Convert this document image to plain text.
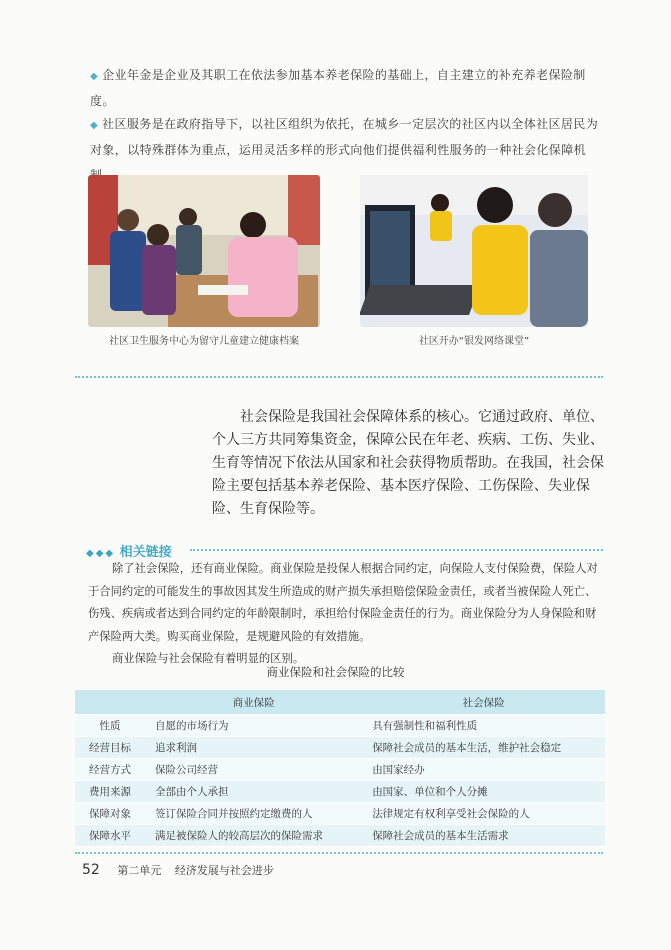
◆ 企业年金是企业及其职工在依法参加基本养老保险的基础上，自主建立的补充养老保险制度。
◆ 社区服务是在政府指导下，以社区组织为依托，在城乡一定层次的社区内以全体社区居民为对象，以特殊群体为重点，运用灵活多样的形式向他们提供福利性服务的一种社会化保障机
社区卫生服务中心为留守儿童建立健康档案	社区开办“银发网络课堂”
社会保险是我国社会保障体系的核心。它通过政府、单位、个人三方共同筹集资金，保障公民在年老、疾病、工伤、失业、生育等情况下依法从国家和社会获得物质帮助。在我国，社会保险主要包括基本养老保险、基本医疗保险、工伤保险、失业保险、生育保险等。
◆◆◆ 相关链接

除了社会保险，还有商业保险。商业保险是投保人根据合同约定，向保险人支付保险费，保险人对于合同约定的可能发生的事故因其发生所造成的财产损失承担赔偿保险金责任，或者当被保险人死亡、伤残、疾病或者达到合同约定的年龄限制时，承担给付保险金责任的行为。商业保险分为人身保险和财产保险两大类。购买商业保险，是规避风险的有效措施。

商业保险与社会保险有着明显的区别。

商业保险和社会保险的比较
	商业保险	社会保险
性质	自愿的市场行为	具有强制性和福利性质
经营目标	追求利润	保障社会成员的基本生活，维护社会稳定
经营方式	保险公司经营	由国家经办
费用来源	全部由个人承担	由国家、单位和个人分摊
保障对象	签订保险合同并按照约定缴费的人	法律规定有权利享受社会保险的人
保障水平	满足被保险人的较高层次的保险需求	保障社会成员的基本生活需求
52 第二单元 经济发展与社会进步
